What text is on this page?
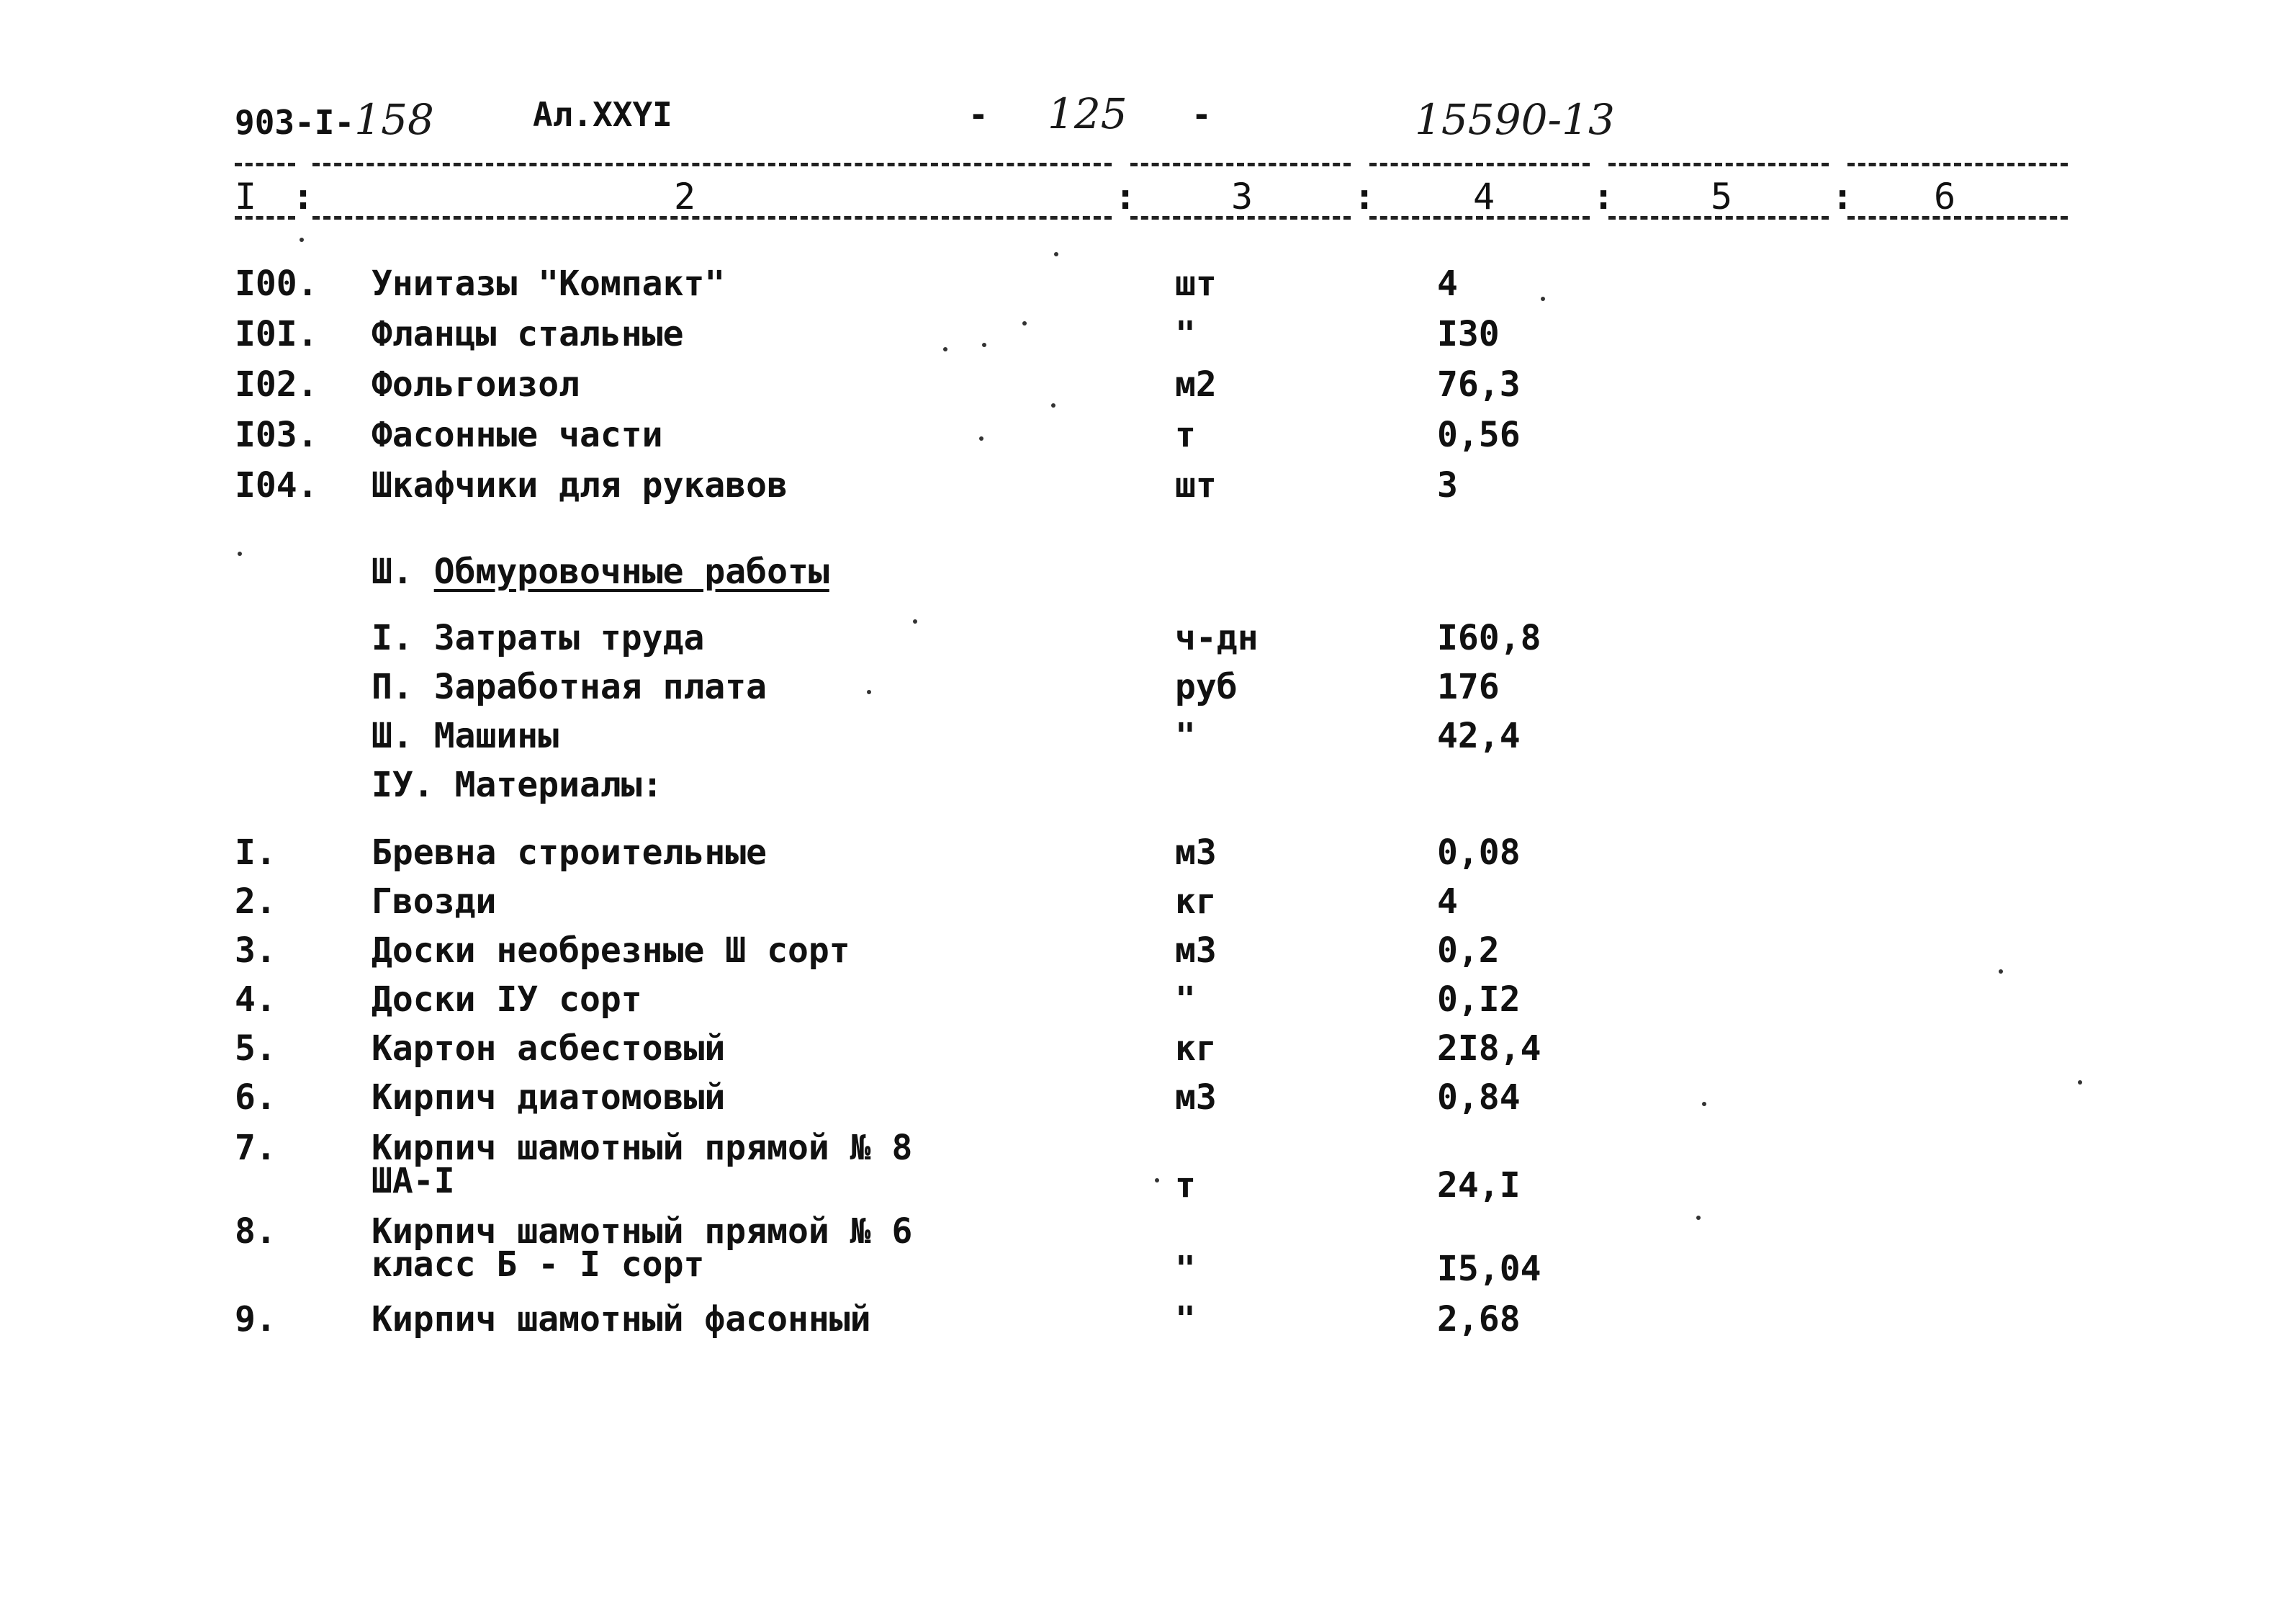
903-I-158	Ал.XXYI	- 125 -	15590-13
I :	2	:	3	:	4	:	5	: 6
I00. Унитазы "Компакт"	шт	4
I0I. Фланцы стальные	"	I30
I02. Фольгоизол	м2	76,3
I03. Фасонные части	т	0,56
I04. Шкафчики для рукавов	шт	3
Ш. Обмуровочные работы
I. Затраты труда	ч-дн	I60,8
П. Заработная плата	руб	176
Ш. Машины	"	42,4
IУ. Материалы:
I.	Бревна строительные	м3	0,08
2.	Гвозди	кг	4
3.	Доски необрезные Ш сорт	м3	0,2
4.	Доски IУ сорт	"	0,I2
5.	Картон асбестовый	кг	2I8,4
6.	Кирпич диатомовый	м3	0,84
7.	Кирпич шамотный прямой № 8
ША-I	т	24,I
8.	Кирпич шамотный прямой № 6
класс Б - I сорт	"	I5,04
9.	Кирпич шамотный фасонный	"	2,68
